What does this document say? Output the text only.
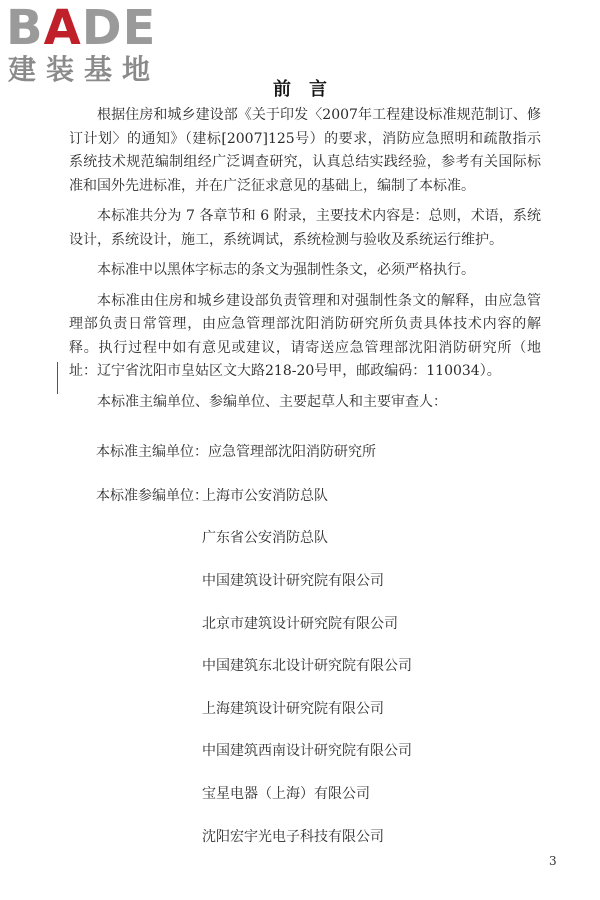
BADE
建装基地
前言

根据住房和城乡建设部《关于印发〈2007年工程建设标准规范制订、修订计划〉的通知》（建标[2007]125号）的要求，消防应急照明和疏散指示系统技术规范编制组经广泛调查研究，认真总结实践经验，参考有关国际标准和国外先进标准，并在广泛征求意见的基础上，编制了本标准。

本标准共分为 7 各章节和 6 附录，主要技术内容是：总则，术语，系统设计，系统设计，施工，系统调试，系统检测与验收及系统运行维护。

本标准中以黑体字标志的条文为强制性条文，必须严格执行。

本标准由住房和城乡建设部负责管理和对强制性条文的解释，由应急管理部负责日常管理，由应急管理部沈阳消防研究所负责具体技术内容的解释。执行过程中如有意见或建议，请寄送应急管理部沈阳消防研究所（地址：辽宁省沈阳市皇姑区文大路218-20号甲，邮政编码：110034）。

本标准主编单位、参编单位、主要起草人和主要审查人：

本标准主编单位：应急管理部沈阳消防研究所
本标准参编单位：
上海市公安消防总队
广东省公安消防总队
中国建筑设计研究院有限公司
北京市建筑设计研究院有限公司
中国建筑东北设计研究院有限公司
上海建筑设计研究院有限公司
中国建筑西南设计研究院有限公司
宝星电器（上海）有限公司
沈阳宏宇光电子科技有限公司
3
